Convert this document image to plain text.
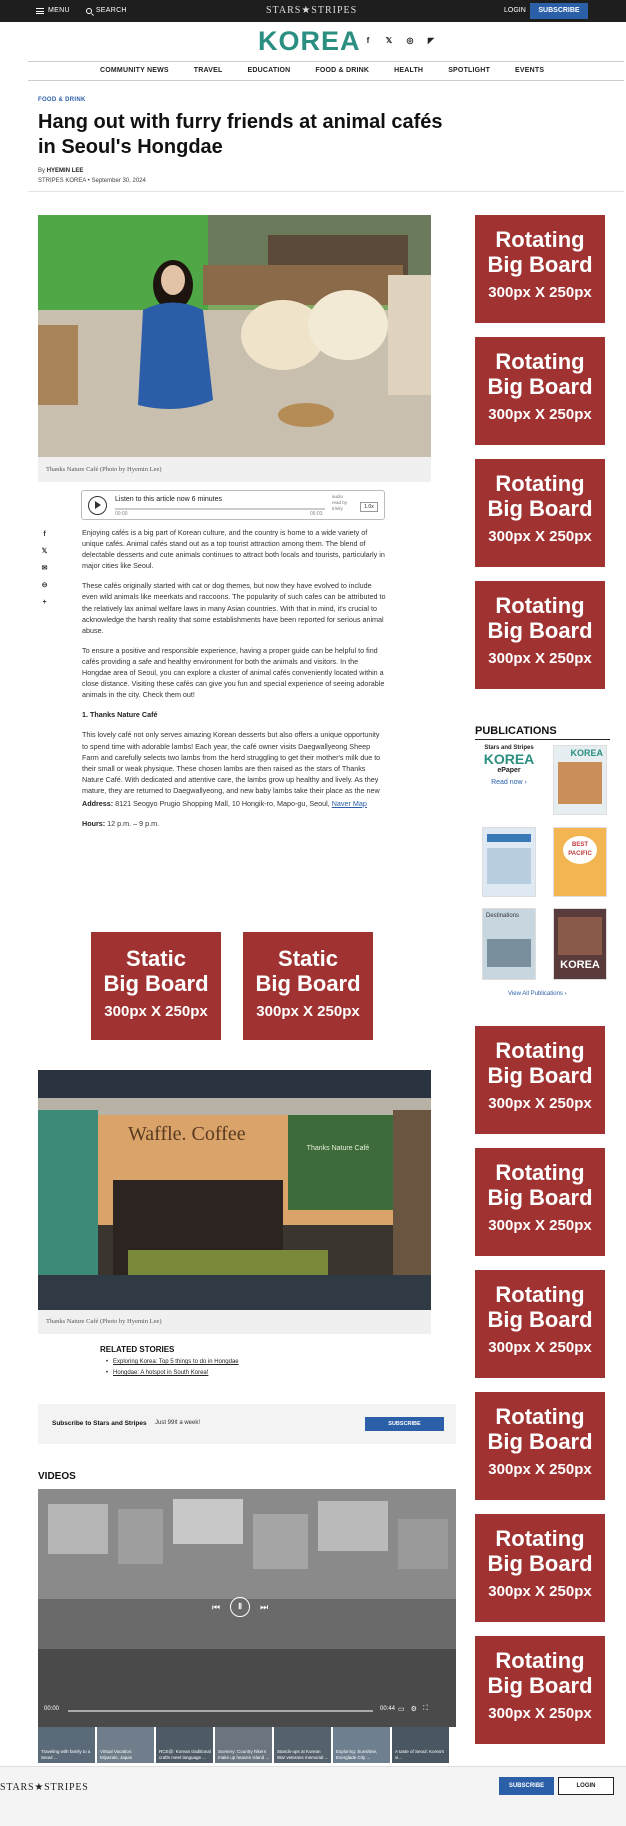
MENU	SEARCH	STARS★STRIPES	LOGIN	SUBSCRIBE
KOREA f	𝕏	◎	◤
COMMUNITY NEWS	TRAVEL	EDUCATION	FOOD & DRINK	HEALTH	SPOTLIGHT	EVENTS
FOOD & DRINK
Hang out with furry friends at animal cafés in Seoul's Hongdae
By HYEMIN LEE
STRIPES KOREA • September 30, 2024
Thanks Nature Café (Photo by Hyemin Lee)
Listen to this article now 6 minutes
00:00	06:03
audio read by trinity	1.0x
f
𝕏
✉
⊖
+

Enjoying cafés is a big part of Korean culture, and the country is home to a wide variety of unique cafés. Animal cafés stand out as a top tourist attraction among them. The blend of delectable desserts and cute animals continues to attract both locals and tourists, particularly in major cities like Seoul.

These cafés originally started with cat or dog themes, but now they have evolved to include even wild animals like meerkats and raccoons. The popularity of such cafes can be attributed to the relatively lax animal welfare laws in many Asian countries. With that in mind, it's crucial to acknowledge the harsh reality that some establishments have been reported for serious animal abuse.

To ensure a positive and responsible experience, having a proper guide can be helpful to find cafés providing a safe and healthy environment for both the animals and visitors. In the Hongdae area of Seoul, you can explore a cluster of animal cafés conveniently located within a close distance. Visiting these cafés can give you fun and special experience of seeing adorable animals in the city. Check them out!

1. Thanks Nature Café

This lovely café not only serves amazing Korean desserts but also offers a unique opportunity to spend time with adorable lambs! Each year, the café owner visits Daegwallyeong Sheep Farm and carefully selects two lambs from the herd struggling to get their mother's milk due to their small or weak physique. These chosen lambs are then raised as the stars of Thanks Nature Café. With dedicated and attentive care, the lambs grow up healthy and lively. As they mature, they are returned to Daegwallyeong, and new baby lambs take their place as the new

Address: 8121 Seogyo Prugio Shopping Mall, 10 Hongik-ro, Mapo-gu, Seoul, Naver Map

Hours: 12 p.m. – 9 p.m.

Static
Big Board
300px X 250px
Static
Big Board
300px X 250px
Waffle. Coffee
Thanks Nature Café
Thanks Nature Café (Photo by Hyemin Lee)
RELATED STORIES
• Exploring Korea: Top 5 things to do in Hongdae
• Hongdae: A hotspot in South Korea!
Subscribe to Stars and Stripes Just 99¢ a week!	SUBSCRIBE
VIDEOS
⏮	Ⅱ	⏭
00:00	00:44 ▭ ⚙ ⛶
Traveling with family to a Seoul ...
Virtual Vacation: Miyazaki, Japan
RCE@: Korean traditional crafts meet language ...
Scenery: Country hikers make up heaven island ...
Stands-ups at Korean War veterans memorial ...
Exploring: Sunshine, Everglade City ...
A taste of Seoul: Korea's vi...
Rotating
Big Board
300px X 250px
Rotating
Big Board
300px X 250px
Rotating
Big Board
300px X 250px
Rotating
Big Board
300px X 250px
PUBLICATIONS
Stars and Stripes
KOREA
ePaper
Read now ›
KOREA
BEST PACIFIC
Destinations
KOREA
View All Publications ›
Rotating
Big Board
300px X 250px
Rotating
Big Board
300px X 250px
Rotating
Big Board
300px X 250px
Rotating
Big Board
300px X 250px
Rotating
Big Board
300px X 250px
Rotating
Big Board
300px X 250px
STARS★STRIPES	SUBSCRIBE	LOGIN
